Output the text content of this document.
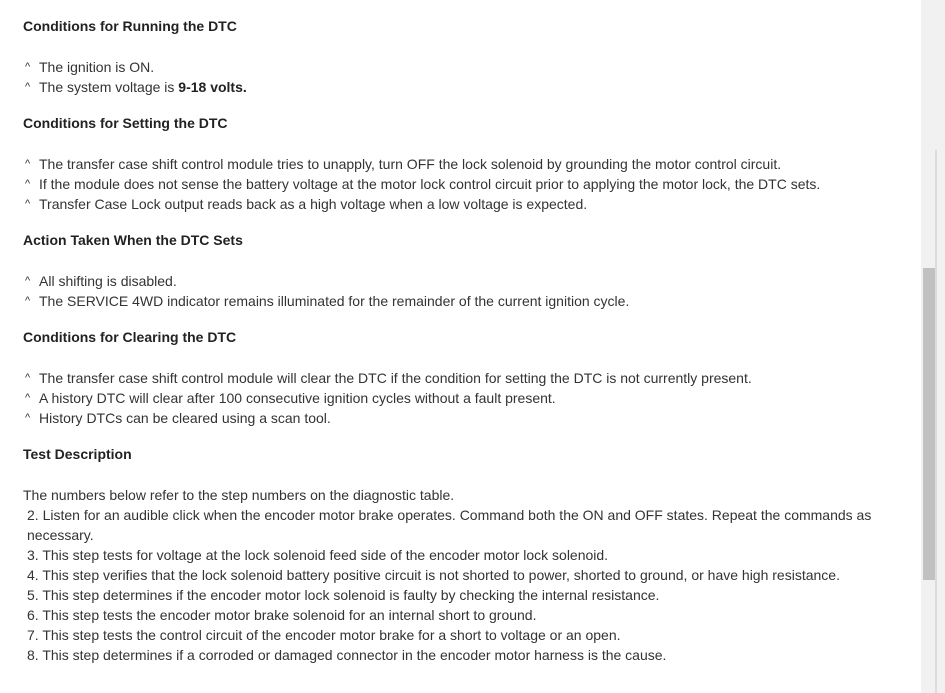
Conditions for Running the DTC
^ The ignition is ON.
^ The system voltage is 9-18 volts.
Conditions for Setting the DTC
^ The transfer case shift control module tries to unapply, turn OFF the lock solenoid by grounding the motor control circuit.
^ If the module does not sense the battery voltage at the motor lock control circuit prior to applying the motor lock, the DTC sets.
^ Transfer Case Lock output reads back as a high voltage when a low voltage is expected.
Action Taken When the DTC Sets
^ All shifting is disabled.
^ The SERVICE 4WD indicator remains illuminated for the remainder of the current ignition cycle.
Conditions for Clearing the DTC
^ The transfer case shift control module will clear the DTC if the condition for setting the DTC is not currently present.
^ A history DTC will clear after 100 consecutive ignition cycles without a fault present.
^ History DTCs can be cleared using a scan tool.
Test Description

The numbers below refer to the step numbers on the diagnostic table.

2. Listen for an audible click when the encoder motor brake operates. Command both the ON and OFF states. Repeat the commands as necessary.
3. This step tests for voltage at the lock solenoid feed side of the encoder motor lock solenoid.
4. This step verifies that the lock solenoid battery positive circuit is not shorted to power, shorted to ground, or have high resistance.
5. This step determines if the encoder motor lock solenoid is faulty by checking the internal resistance.
6. This step tests the encoder motor brake solenoid for an internal short to ground.
7. This step tests the control circuit of the encoder motor brake for a short to voltage or an open.
8. This step determines if a corroded or damaged connector in the encoder motor harness is the cause.
